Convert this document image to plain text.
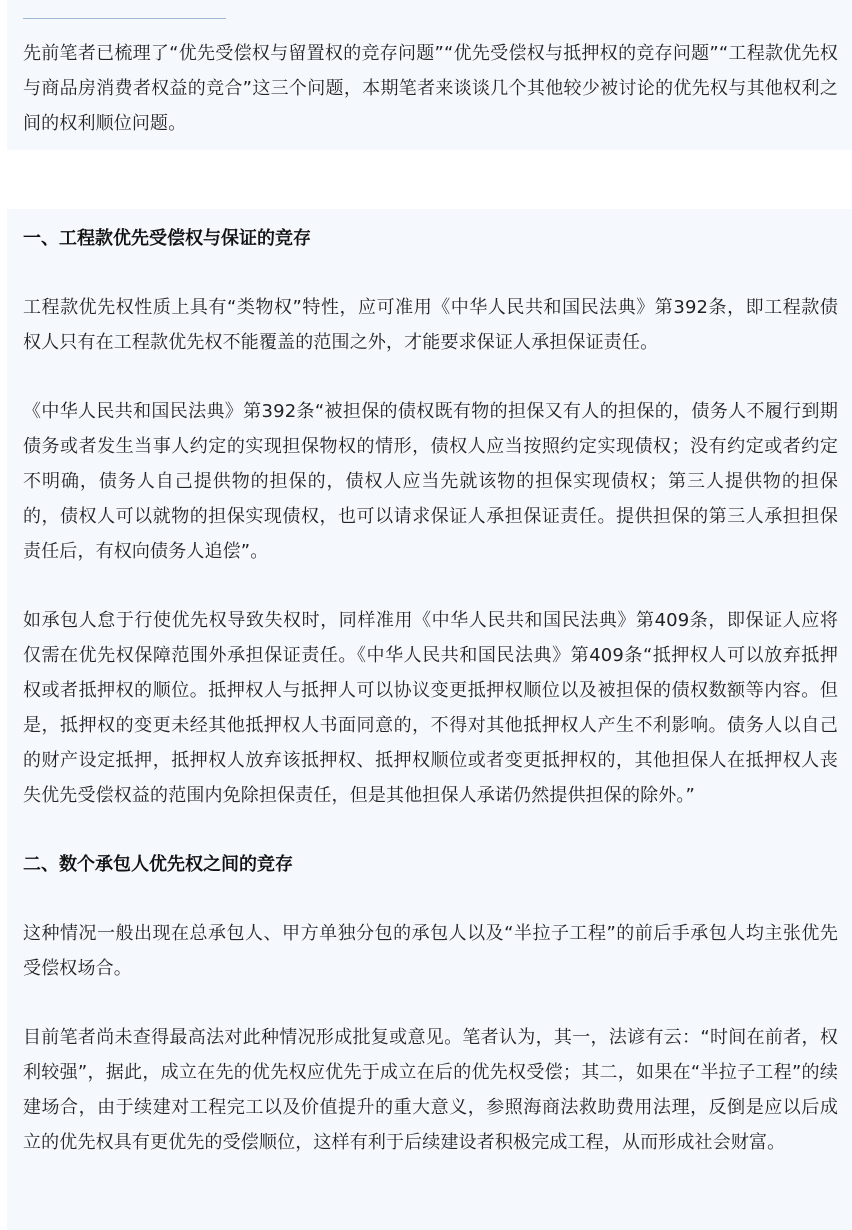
先前笔者已梳理了“优先受偿权与留置权的竞存问题”“优先受偿权与抵押权的竞存问题”“工程款优先权与商品房消费者权益的竞合”这三个问题，本期笔者来谈谈几个其他较少被讨论的优先权与其他权利之间的权利顺位问题。

一、工程款优先受偿权与保证的竞存

工程款优先权性质上具有“类物权”特性，应可准用《中华人民共和国民法典》第392条，即工程款债权人只有在工程款优先权不能覆盖的范围之外，才能要求保证人承担保证责任。

《中华人民共和国民法典》第392条“被担保的债权既有物的担保又有人的担保的，债务人不履行到期债务或者发生当事人约定的实现担保物权的情形，债权人应当按照约定实现债权；没有约定或者约定不明确，债务人自己提供物的担保的，债权人应当先就该物的担保实现债权；第三人提供物的担保的，债权人可以就物的担保实现债权，也可以请求保证人承担保证责任。提供担保的第三人承担担保责任后，有权向债务人追偿”。

如承包人怠于行使优先权导致失权时，同样准用《中华人民共和国民法典》第409条，即保证人应将仅需在优先权保障范围外承担保证责任。《中华人民共和国民法典》第409条“抵押权人可以放弃抵押权或者抵押权的顺位。抵押权人与抵押人可以协议变更抵押权顺位以及被担保的债权数额等内容。但是，抵押权的变更未经其他抵押权人书面同意的，不得对其他抵押权人产生不利影响。债务人以自己的财产设定抵押，抵押权人放弃该抵押权、抵押权顺位或者变更抵押权的，其他担保人在抵押权人丧失优先受偿权益的范围内免除担保责任，但是其他担保人承诺仍然提供担保的除外。”

二、数个承包人优先权之间的竞存

这种情况一般出现在总承包人、甲方单独分包的承包人以及“半拉子工程”的前后手承包人均主张优先受偿权场合。

目前笔者尚未查得最高法对此种情况形成批复或意见。笔者认为，其一，法谚有云：“时间在前者，权利较强”，据此，成立在先的优先权应优先于成立在后的优先权受偿；其二，如果在“半拉子工程”的续建场合，由于续建对工程完工以及价值提升的重大意义，参照海商法救助费用法理，反倒是应以后成立的优先权具有更优先的受偿顺位，这样有利于后续建设者积极完成工程，从而形成社会财富。
